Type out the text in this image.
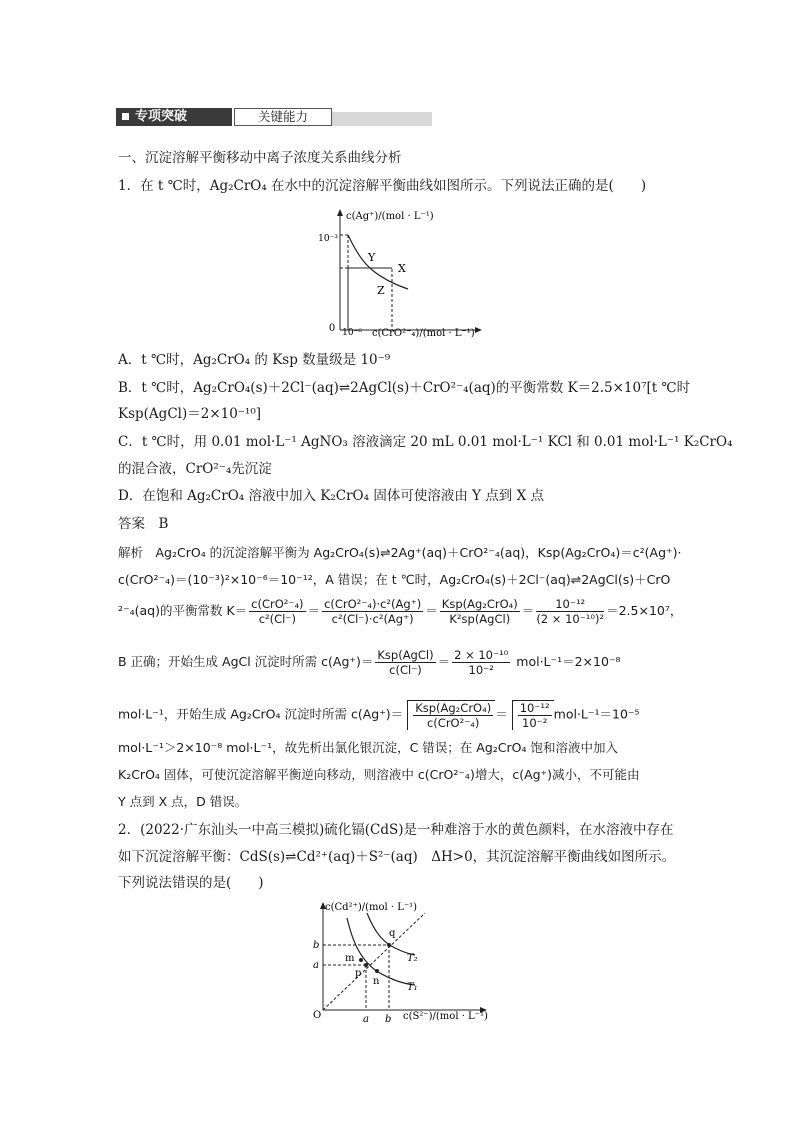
专项突破	关键能力
一、沉淀溶解平衡移动中离子浓度关系曲线分析
1．在 t ℃时，Ag₂CrO₄ 在水中的沉淀溶解平衡曲线如图所示。下列说法正确的是(　　)
c(Ag⁺)/(mol · L⁻¹)
10⁻³
0 10⁻⁶ c(CrO²⁻₄)/(mol · L⁻¹)
Y
X
Z
A．t ℃时，Ag₂CrO₄ 的 Ksp 数量级是 10⁻⁹
B．t ℃时，Ag₂CrO₄(s)＋2Cl⁻(aq)⇌2AgCl(s)＋CrO²⁻₄(aq)的平衡常数 K＝2.5×10⁷[t ℃时
Ksp(AgCl)＝2×10⁻¹⁰]
C．t ℃时，用 0.01 mol·L⁻¹ AgNO₃ 溶液滴定 20 mL 0.01 mol·L⁻¹ KCl 和 0.01 mol·L⁻¹ K₂CrO₄
的混合液，CrO²⁻₄先沉淀
D．在饱和 Ag₂CrO₄ 溶液中加入 K₂CrO₄ 固体可使溶液由 Y 点到 X 点
答案　B
解析　Ag₂CrO₄ 的沉淀溶解平衡为 Ag₂CrO₄(s)⇌2Ag⁺(aq)＋CrO²⁻₄(aq)，Ksp(Ag₂CrO₄)＝c²(Ag⁺)·
c(CrO²⁻₄)＝(10⁻³)²×10⁻⁶＝10⁻¹²，A 错误；在 t ℃时，Ag₂CrO₄(s)＋2Cl⁻(aq)⇌2AgCl(s)＋CrO
²⁻₄(aq)的平衡常数 $K= \frac{\text{c(CrO²⁻₄)}}{\text{c²(Cl⁻)}} = \frac{\text{c(CrO²⁻₄)·c²(Ag⁺)}}{\text{c²(Cl⁻)·c²(Ag⁺)}} = \frac{\text{Ksp(Ag₂CrO₄)}}{\text{K²sp(AgCl)}} = \frac{\text{10⁻¹²}}{\text{(2 × 10⁻¹⁰)²}} =2.5\times 10^7$，
B 正确；开始生成 AgCl 沉淀时所需 $c(Ag^+)= \frac{\text{Ksp(AgCl)}}{c(Cl^-)} = \frac{\text{2 × 10⁻¹⁰}}{\text{10⁻²}} mol\cdot L^{-1}=2\times 10^{-8}$
mol·L⁻¹，开始生成 Ag₂CrO₄ 沉淀时所需 $c(Ag^+)= \frac{\text{Ksp(Ag₂CrO₄)}}{\text{c(CrO²⁻₄)}} = \frac{\text{10⁻¹²}}{\text{10⁻²}} mol\cdot L^{-1}=10^{-5}$
mol·L⁻¹＞2×10⁻⁸ mol·L⁻¹，故先析出氯化银沉淀，C 错误；在 Ag₂CrO₄ 饱和溶液中加入
K₂CrO₄ 固体，可使沉淀溶解平衡逆向移动，则溶液中 c(CrO²⁻₄)增大，c(Ag⁺)减小，不可能由
Y 点到 X 点，D 错误。
2．(2022·广东汕头一中高三模拟)硫化镉(CdS)是一种难溶于水的黄色颜料，在水溶液中存在
如下沉淀溶解平衡：CdS(s)⇌Cd²⁺(aq)＋S²⁻(aq)　ΔH>0，其沉淀溶解平衡曲线如图所示。
下列说法错误的是(　　)
c(Cd²⁺)/(mol · L⁻¹)
c(S²⁻)/(mol · L⁻¹)
O
b
a
a b
m
p
n
q
T₂
T₁
